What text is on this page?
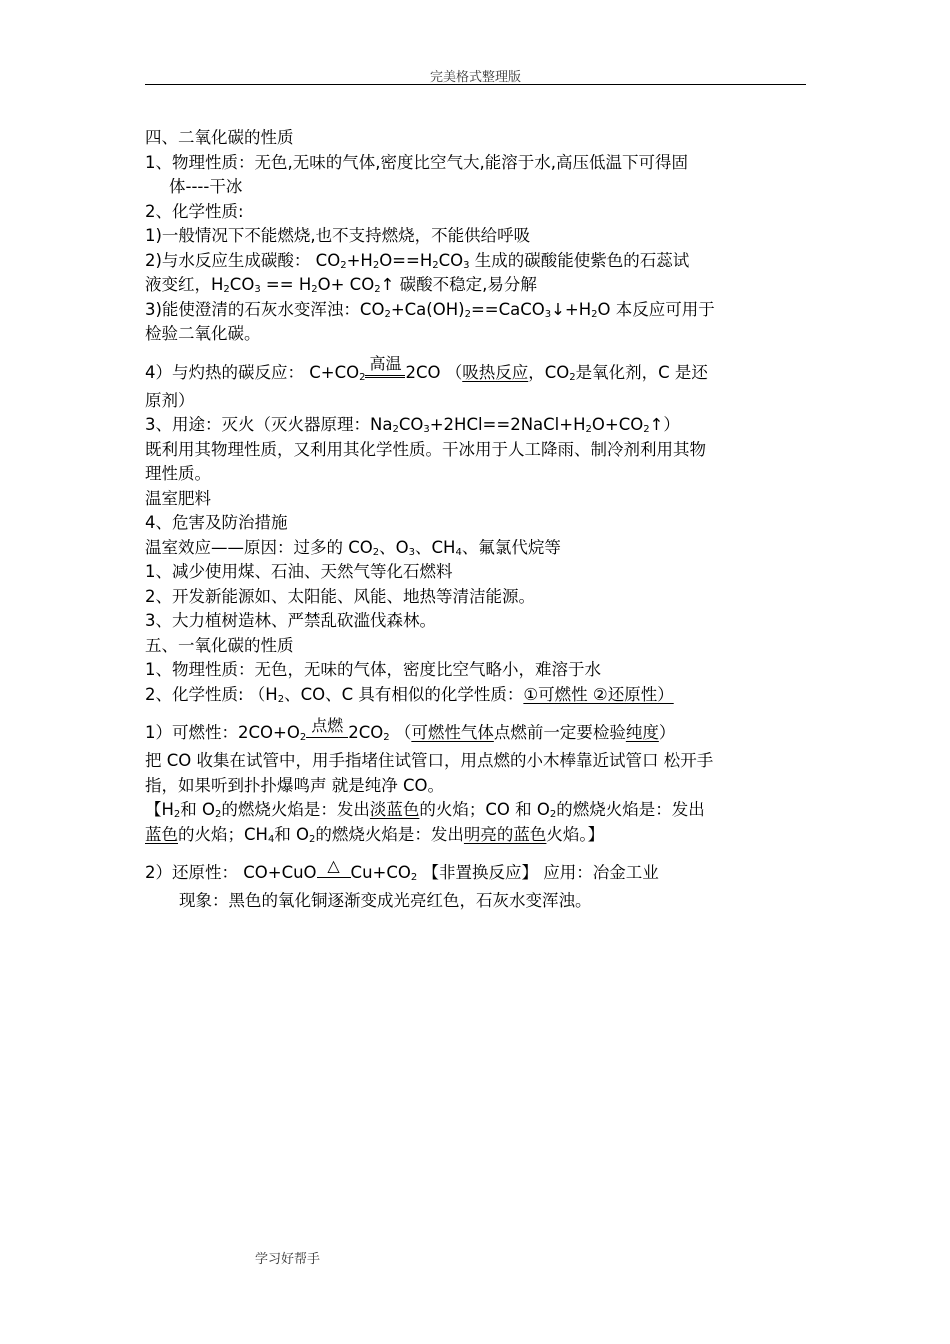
完美格式整理版
四、二氧化碳的性质
1、物理性质：无色,无味的气体,密度比空气大,能溶于水,高压低温下可得固
体----干冰
2、化学性质:
1)一般情况下不能燃烧,也不支持燃烧，不能供给呼吸
2)与水反应生成碳酸： $CO_2+H_2O==H_2CO_3$ 生成的碳酸能使紫色的石蕊试
液变红，$H_2CO_3 == H_2O+$ $CO_2↑$ 碳酸不稳定,易分解
3)能使澄清的石灰水变浑浊：$CO_2+Ca(OH)_2==CaCO_3↓+H_2O$ 本反应可用于
检验二氧化碳。
4）与灼热的碳反应： $C+CO_2$
高温 2CO （吸热反应，$CO_2$是氧化剂，C 是还
原剂）
3、用途：灭火（灭火器原理：$Na_2CO_3+2HCl==2NaCl+H_2O+CO_2↑$）
既利用其物理性质，又利用其化学性质。干冰用于人工降雨、制冷剂利用其物
理性质。
温室肥料
4、危害及防治措施
温室效应——原因：过多的 $CO_2$、$O_3$、$CH_4$、氟氯代烷等
1、减少使用煤、石油、天然气等化石燃料
2、开发新能源如、太阳能、风能、地热等清洁能源。
3、大力植树造林、严禁乱砍滥伐森林。
五、一氧化碳的性质
1、物理性质：无色，无味的气体，密度比空气略小，难溶于水
2、化学性质: （$H_2$、CO、C 具有相似的化学性质：①可燃性 ②还原性）
1）可燃性：$2CO+O_2$
点燃 $2CO_2$ （可燃性气体点燃前一定要检验纯度）
把 CO 收集在试管中，用手指堵住试管口，用点燃的小木棒靠近试管口 松开手
指，如果听到扑扑爆鸣声 就是纯净 CO。
【$H_2$和 $O_2$的燃烧火焰是：发出淡蓝色的火焰；CO 和 $O_2$的燃烧火焰是：发出
蓝色的火焰；$CH_4$和 $O_2$的燃烧火焰是：发出明亮的蓝色火焰。】
2）还原性： CO+CuO △ $Cu+CO_2$ 【非置换反应】 应用：冶金工业
现象：黑色的氧化铜逐渐变成光亮红色，石灰水变浑浊。
学习好帮手
